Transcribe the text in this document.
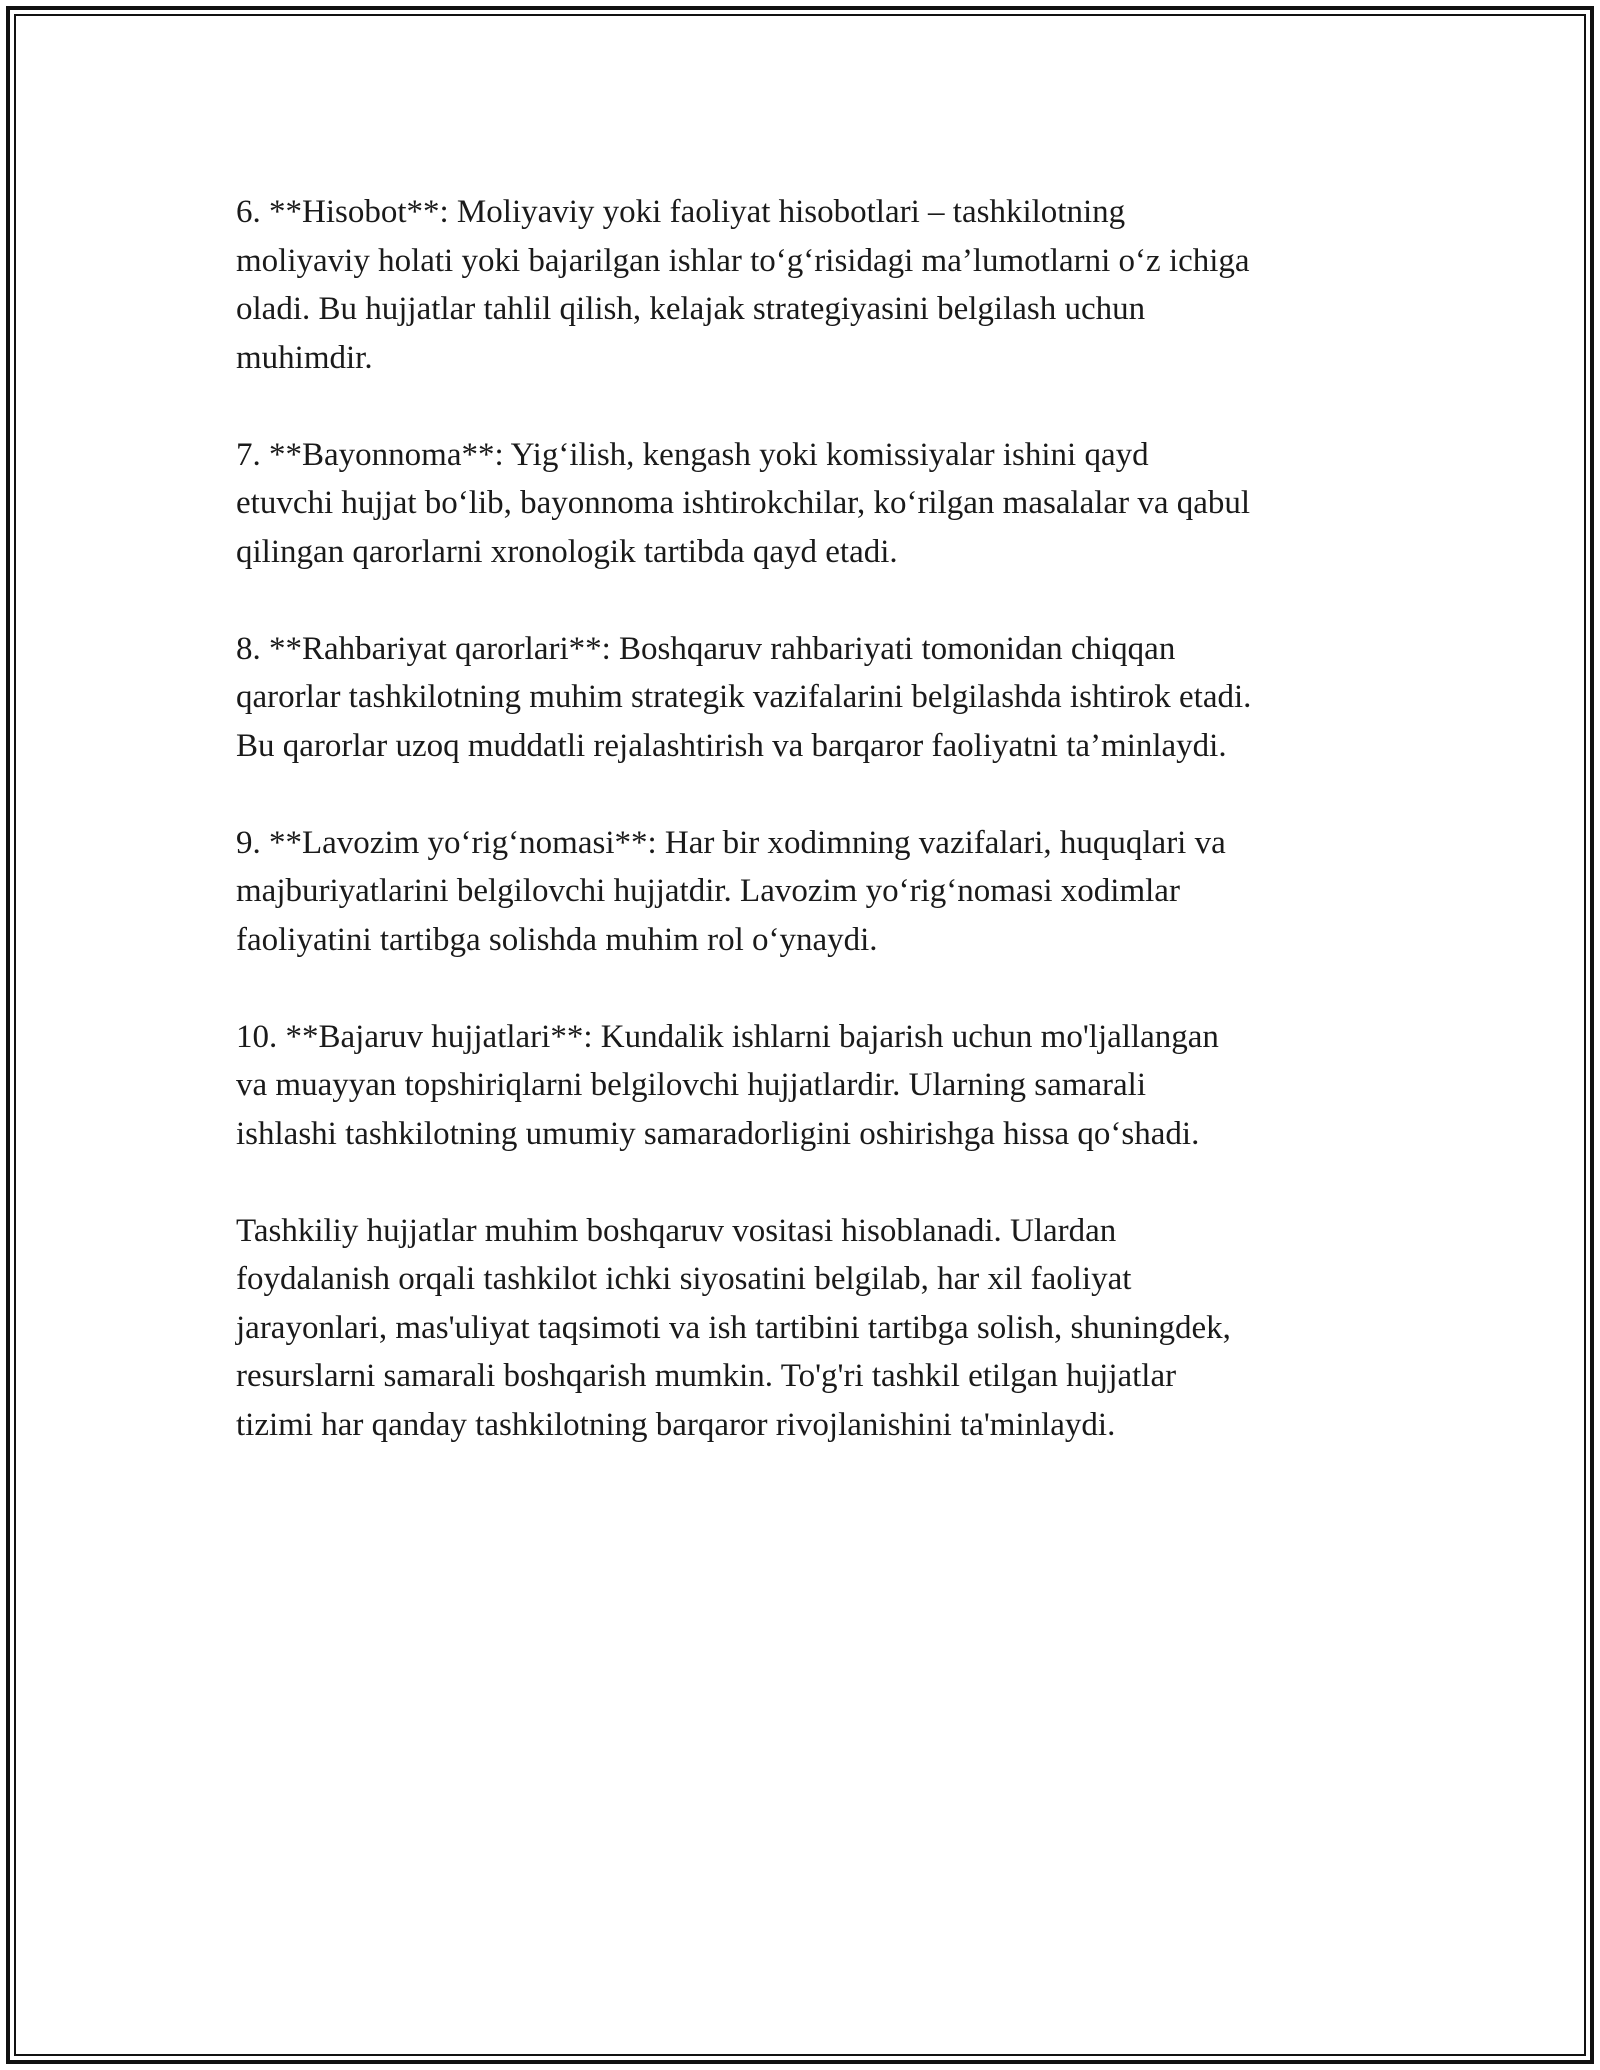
6. **Hisobot**: Moliyaviy yoki faoliyat hisobotlari – tashkilotning
moliyaviy holati yoki bajarilgan ishlar to‘g‘risidagi ma’lumotlarni o‘z ichiga
oladi. Bu hujjatlar tahlil qilish, kelajak strategiyasini belgilash uchun
muhimdir.

7. **Bayonnoma**: Yig‘ilish, kengash yoki komissiyalar ishini qayd
etuvchi hujjat bo‘lib, bayonnoma ishtirokchilar, ko‘rilgan masalalar va qabul
qilingan qarorlarni xronologik tartibda qayd etadi.

8. **Rahbariyat qarorlari**: Boshqaruv rahbariyati tomonidan chiqqan
qarorlar tashkilotning muhim strategik vazifalarini belgilashda ishtirok etadi.
Bu qarorlar uzoq muddatli rejalashtirish va barqaror faoliyatni ta’minlaydi.

9. **Lavozim yo‘rig‘nomasi**: Har bir xodimning vazifalari, huquqlari va
majburiyatlarini belgilovchi hujjatdir. Lavozim yo‘rig‘nomasi xodimlar
faoliyatini tartibga solishda muhim rol o‘ynaydi.

10. **Bajaruv hujjatlari**: Kundalik ishlarni bajarish uchun mo'ljallangan
va muayyan topshiriqlarni belgilovchi hujjatlardir. Ularning samarali
ishlashi tashkilotning umumiy samaradorligini oshirishga hissa qo‘shadi.

Tashkiliy hujjatlar muhim boshqaruv vositasi hisoblanadi. Ulardan
foydalanish orqali tashkilot ichki siyosatini belgilab, har xil faoliyat
jarayonlari, mas'uliyat taqsimoti va ish tartibini tartibga solish, shuningdek,
resurslarni samarali boshqarish mumkin. To'g'ri tashkil etilgan hujjatlar
tizimi har qanday tashkilotning barqaror rivojlanishini ta'minlaydi.
